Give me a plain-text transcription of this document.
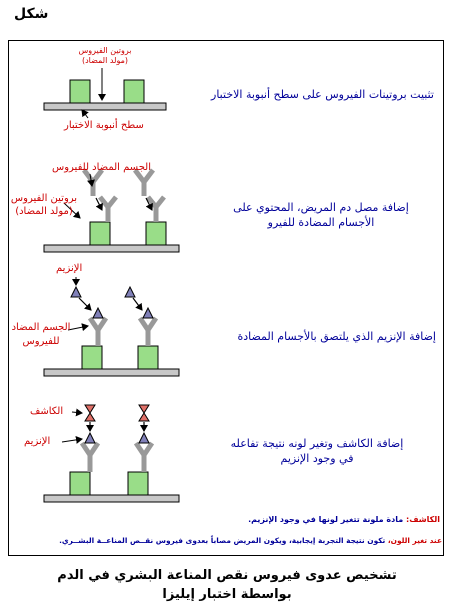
شكل
بروتين الفيروس
(مولد المضاد)
سطح أنبوبة الاختبار
الجسم المضاد للفيروس
بروتين الفيروس
(مولد المضاد)
الإنزيم
الجسم المضاد
للفيروس
الكاشف
الإنزيم
تثبيت بروتينات الفيروس على سطح أنبوبة الاختبار
إضافة مصل دم المريض، المحتوي على
الأجسام المضادة للفيرو
إضافة الإنزيم الذي يلتصق بالأجسام المضادة
إضافة الكاشف وتغير لونه نتيجة تفاعله
في وجود الإنزيم
الكاشف: مادة ملونة تتغير لونها في وجود الإنزيم.
عند تغير اللون، تكون نتيجة التجربة إيجابية، ويكون المريض مصاباً بعدوى فيروس نقــص المناعــة البشــري.
تشخيص عدوى فيروس نقص المناعة البشري في الدم
بواسطة اختبار إيليزا
